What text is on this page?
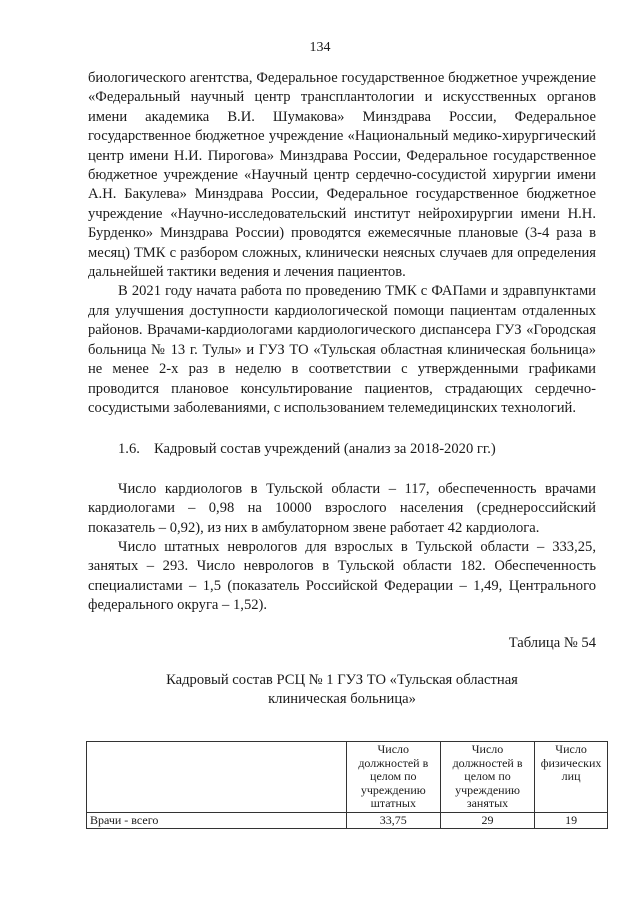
134

биологического агентства, Федеральное государственное бюджетное учреждение «Федеральный научный центр трансплантологии и искусственных органов имени академика В.И. Шумакова» Минздрава России, Федеральное государственное бюджетное учреждение «Национальный медико-хирургический центр имени Н.И. Пирогова» Минздрава России, Федеральное государственное бюджетное учреждение «Научный центр сердечно-сосудистой хирургии имени А.Н. Бакулева» Минздрава России, Федеральное государственное бюджетное учреждение «Научно-исследовательский институт нейрохирургии имени Н.Н. Бурденко» Минздрава России) проводятся ежемесячные плановые (3-4 раза в месяц) ТМК с разбором сложных, клинически неясных случаев для определения дальнейшей тактики ведения и лечения пациентов.

В 2021 году начата работа по проведению ТМК с ФАПами и здравпунктами для улучшения доступности кардиологической помощи пациентам отдаленных районов. Врачами-кардиологами кардиологического диспансера ГУЗ «Городская больница № 13 г. Тулы» и ГУЗ ТО «Тульская областная клиническая больница» не менее 2-х раз в неделю в соответствии с утвержденными графиками проводится плановое консультирование пациентов, страдающих сердечно-сосудистыми заболеваниями, с использованием телемедицинских технологий.

1.6. Кадровый состав учреждений (анализ за 2018-2020 гг.)

Число кардиологов в Тульской области – 117, обеспеченность врачами кардиологами – 0,98 на 10000 взрослого населения (среднероссийский показатель – 0,92), из них в амбулаторном звене работает 42 кардиолога.

Число штатных неврологов для взрослых в Тульской области – 333,25, занятых – 293. Число неврологов в Тульской области 182. Обеспеченность специалистами – 1,5 (показатель Российской Федерации – 1,49, Центрального федерального округа – 1,52).

Таблица № 54
Кадровый состав РСЦ № 1 ГУЗ ТО «Тульская областная
клиническая больница»
	Число должностей в целом по учреждению штатных	Число должностей в целом по учреждению занятых	Число физических лиц
Врачи - всего	33,75	29	19
